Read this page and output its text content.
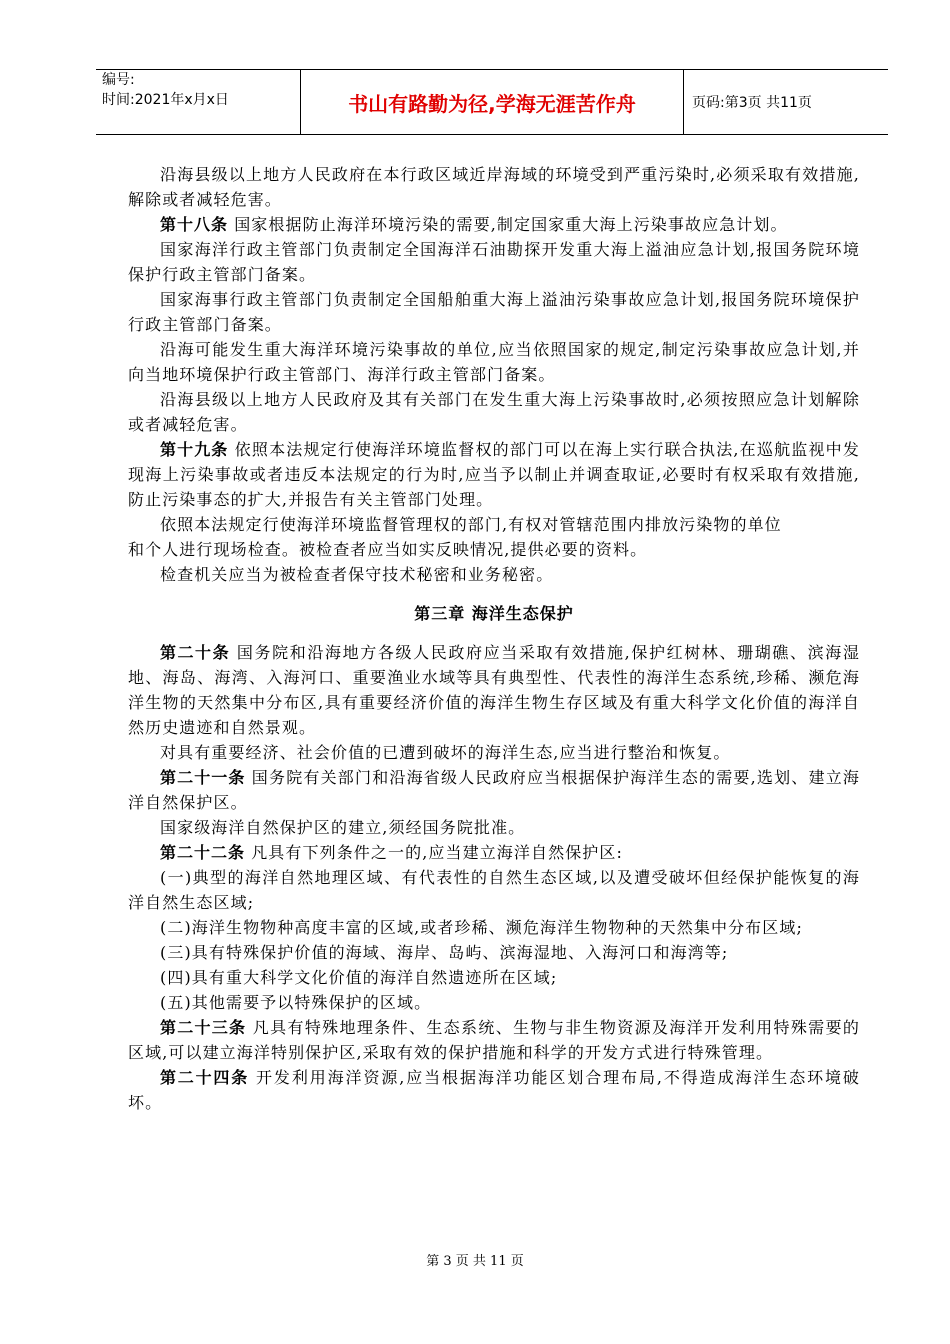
编号:
时间:2021年x月x日	书山有路勤为径,学海无涯苦作舟	页码:第3页 共11页

沿海县级以上地方人民政府在本行政区域近岸海域的环境受到严重污染时,必须采取有效措施,解除或者减轻危害。

第十八条 国家根据防止海洋环境污染的需要,制定国家重大海上污染事故应急计划。

国家海洋行政主管部门负责制定全国海洋石油勘探开发重大海上溢油应急计划,报国务院环境保护行政主管部门备案。

国家海事行政主管部门负责制定全国船舶重大海上溢油污染事故应急计划,报国务院环境保护行政主管部门备案。

沿海可能发生重大海洋环境污染事故的单位,应当依照国家的规定,制定污染事故应急计划,并向当地环境保护行政主管部门、海洋行政主管部门备案。

沿海县级以上地方人民政府及其有关部门在发生重大海上污染事故时,必须按照应急计划解除或者减轻危害。

第十九条 依照本法规定行使海洋环境监督权的部门可以在海上实行联合执法,在巡航监视中发现海上污染事故或者违反本法规定的行为时,应当予以制止并调查取证,必要时有权采取有效措施,防止污染事态的扩大,并报告有关主管部门处理。

依照本法规定行使海洋环境监督管理权的部门,有权对管辖范围内排放污染物的单位

和个人进行现场检查。被检查者应当如实反映情况,提供必要的资料。

检查机关应当为被检查者保守技术秘密和业务秘密。

第三章 海洋生态保护

第二十条 国务院和沿海地方各级人民政府应当采取有效措施,保护红树林、珊瑚礁、滨海湿地、海岛、海湾、入海河口、重要渔业水域等具有典型性、代表性的海洋生态系统,珍稀、濒危海洋生物的天然集中分布区,具有重要经济价值的海洋生物生存区域及有重大科学文化价值的海洋自然历史遗迹和自然景观。

对具有重要经济、社会价值的已遭到破坏的海洋生态,应当进行整治和恢复。

第二十一条 国务院有关部门和沿海省级人民政府应当根据保护海洋生态的需要,选划、建立海洋自然保护区。

国家级海洋自然保护区的建立,须经国务院批准。

第二十二条 凡具有下列条件之一的,应当建立海洋自然保护区:

(一)典型的海洋自然地理区域、有代表性的自然生态区域,以及遭受破坏但经保护能恢复的海洋自然生态区域;

(二)海洋生物物种高度丰富的区域,或者珍稀、濒危海洋生物物种的天然集中分布区域;

(三)具有特殊保护价值的海域、海岸、岛屿、滨海湿地、入海河口和海湾等;

(四)具有重大科学文化价值的海洋自然遗迹所在区域;

(五)其他需要予以特殊保护的区域。

第二十三条 凡具有特殊地理条件、生态系统、生物与非生物资源及海洋开发利用特殊需要的区域,可以建立海洋特别保护区,采取有效的保护措施和科学的开发方式进行特殊管理。

第二十四条 开发利用海洋资源,应当根据海洋功能区划合理布局,不得造成海洋生态环境破坏。

第 3 页 共 11 页
